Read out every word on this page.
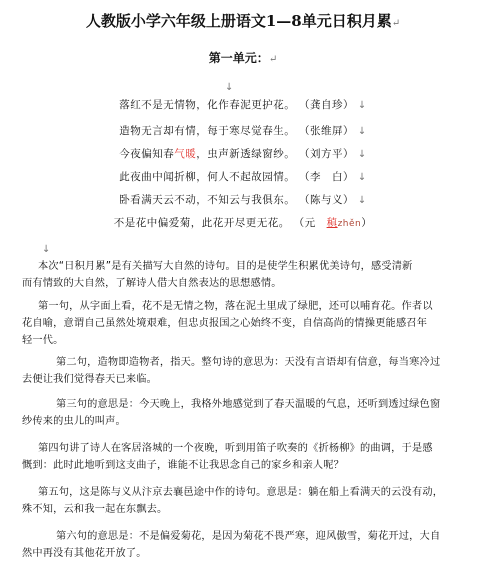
人教版小学六年级上册语文1—8单元日积月累↵
第一单元：↵
↓
落红不是无情物，化作春泥更护花。 （龚自珍） ↓
造物无言却有情，每于寒尽觉春生。 （张维屏） ↓
今夜偏知春气暖，虫声新透绿窗纱。 （刘方平） ↓
此夜曲中闻折柳，何人不起故园情。 （李　白） ↓
卧看满天云不动，不知云与我俱东。 （陈与义） ↓
不是花中偏爱菊，此花开尽更无花。 （元　稹zhěn）
↓
本次“日积月累”是有关描写大自然的诗句。目的是使学生积累优美诗句，感受清新
而有情致的大自然，了解诗人借大自然表达的思想感情。
第一句，从字面上看，花不是无情之物，落在泥土里成了绿肥，还可以哺育花。作者以
花自喻，意谓自己虽然处境艰难，但忠贞报国之心始终不变，自信高尚的情操更能感召年
轻一代。
第二句，造物即造物者，指天。整句诗的意思为：天没有言语却有信意，每当寒冷过
去便让我们觉得春天已来临。
第三句的意思是：今天晚上，我格外地感觉到了春天温暖的气息，还听到透过绿色窗
纱传来的虫儿的叫声。
第四句讲了诗人在客居洛城的一个夜晚，听到用笛子吹奏的《折杨柳》的曲调，于是感
慨到：此时此地听到这支曲子，谁能不让我思念自己的家乡和亲人呢？
第五句，这是陈与义从汴京去襄邑途中作的诗句。意思是：躺在船上看满天的云没有动，
殊不知，云和我一起在东飘去。
第六句的意思是：不是偏爱菊花，是因为菊花不畏严寒，迎风傲雪，菊花开过，大自
然中再没有其他花开放了。
